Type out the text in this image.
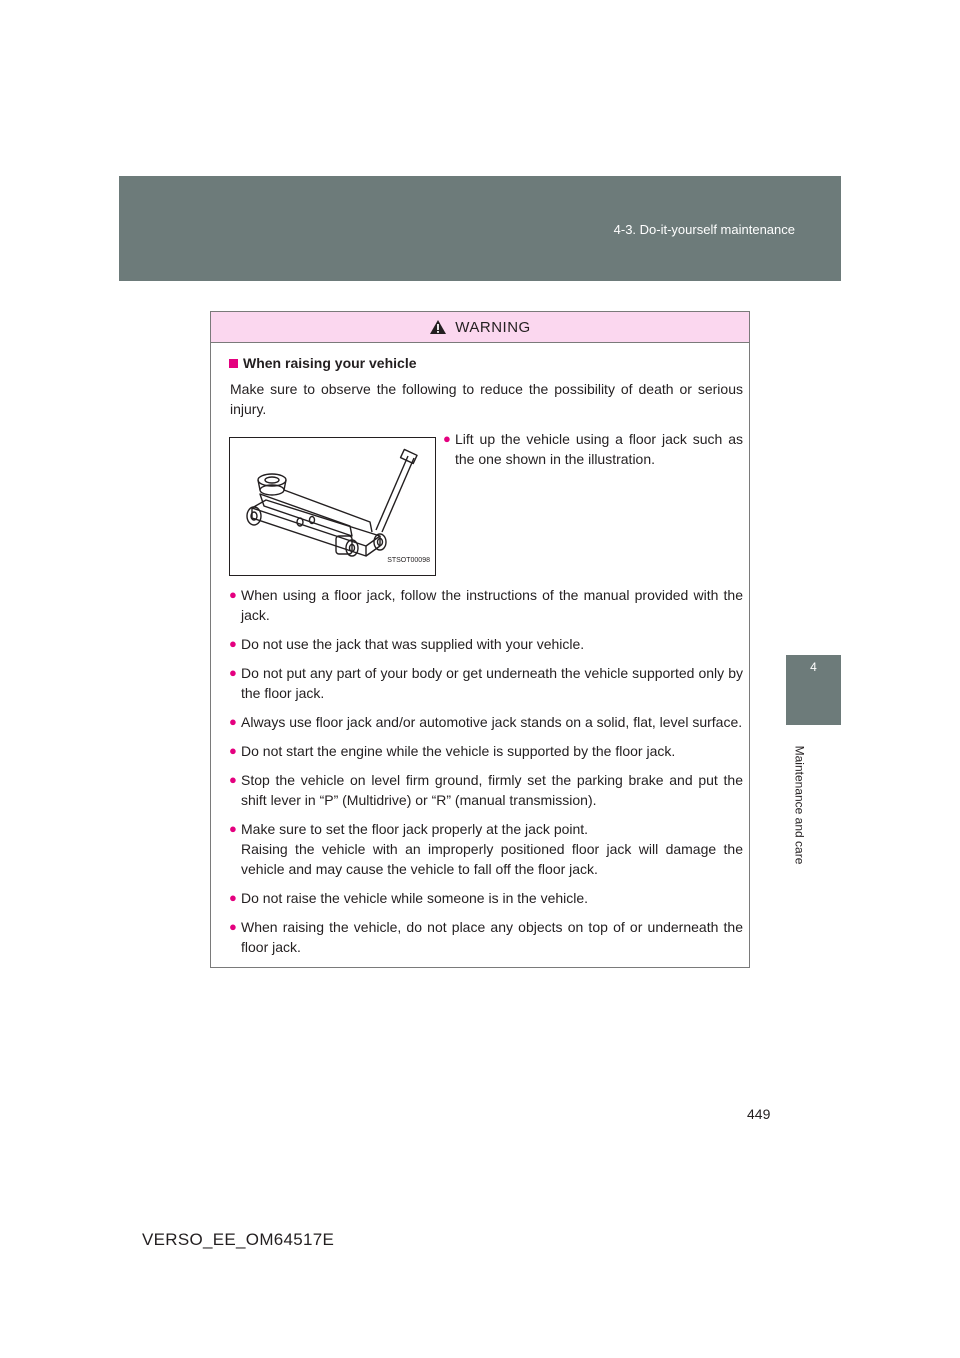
4-3. Do-it-yourself maintenance
4
Maintenance and care
WARNING
When raising your vehicle
Make sure to observe the following to reduce the possibility of death or serious injury.
STSOT00098
● Lift up the vehicle using a floor jack such as the one shown in the illustration.
● When using a floor jack, follow the instructions of the manual provided with the jack.
● Do not use the jack that was supplied with your vehicle.
● Do not put any part of your body or get underneath the vehicle supported only by the floor jack.
● Always use floor jack and/or automotive jack stands on a solid, flat, level surface.
● Do not start the engine while the vehicle is supported by the floor jack.
● Stop the vehicle on level firm ground, firmly set the parking brake and put the shift lever in “P” (Multidrive) or “R” (manual transmission).
● Make sure to set the floor jack properly at the jack point.
Raising the vehicle with an improperly positioned floor jack will damage the vehicle and may cause the vehicle to fall off the floor jack.
● Do not raise the vehicle while someone is in the vehicle.
● When raising the vehicle, do not place any objects on top of or underneath the floor jack.
449
VERSO_EE_OM64517E
